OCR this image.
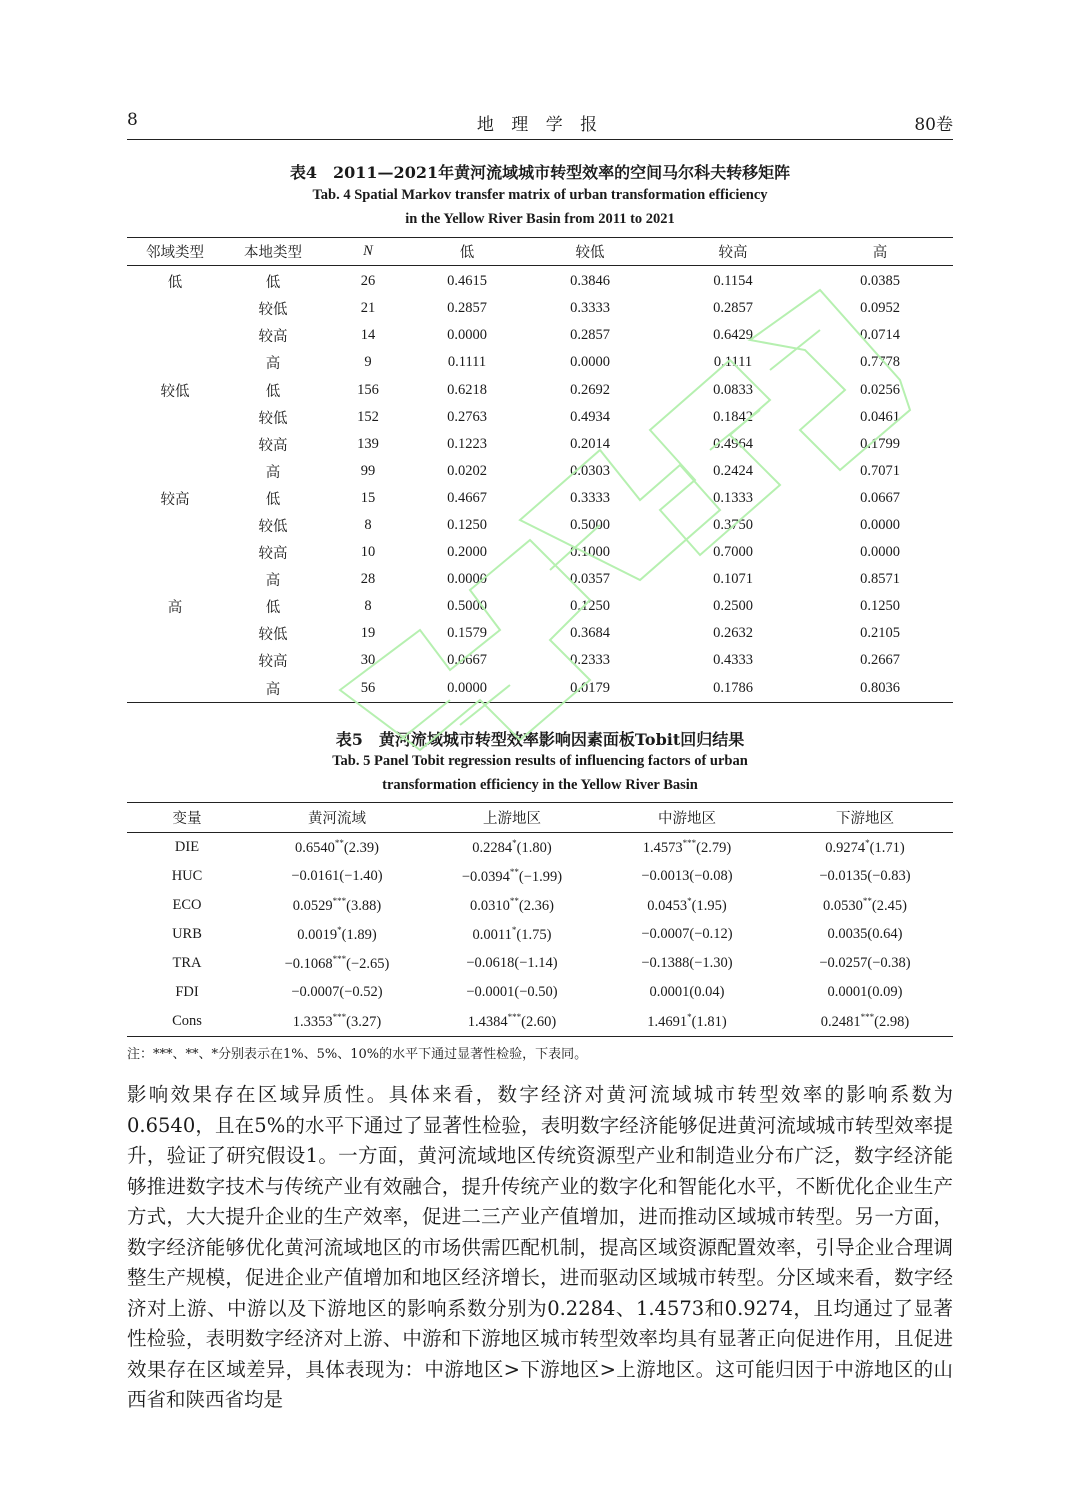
8	地 理 学 报	80卷
表4　2011—2021年黄河流域城市转型效率的空间马尔科夫转移矩阵
Tab. 4 Spatial Markov transfer matrix of urban transformation efficiency
in the Yellow River Basin from 2011 to 2021
邻域类型	本地类型	N	低	较低	较高	高
低	低	26	0.4615	0.3846	0.1154	0.0385
	较低	21	0.2857	0.3333	0.2857	0.0952
	较高	14	0.0000	0.2857	0.6429	0.0714
	高	9	0.1111	0.0000	0.1111	0.7778
较低	低	156	0.6218	0.2692	0.0833	0.0256
	较低	152	0.2763	0.4934	0.1842	0.0461
	较高	139	0.1223	0.2014	0.4964	0.1799
	高	99	0.0202	0.0303	0.2424	0.7071
较高	低	15	0.4667	0.3333	0.1333	0.0667
	较低	8	0.1250	0.5000	0.3750	0.0000
	较高	10	0.2000	0.1000	0.7000	0.0000
	高	28	0.0000	0.0357	0.1071	0.8571
高	低	8	0.5000	0.1250	0.2500	0.1250
	较低	19	0.1579	0.3684	0.2632	0.2105
	较高	30	0.0667	0.2333	0.4333	0.2667
	高	56	0.0000	0.0179	0.1786	0.8036
表5　黄河流域城市转型效率影响因素面板Tobit回归结果
Tab. 5 Panel Tobit regression results of influencing factors of urban
transformation efficiency in the Yellow River Basin
变量	黄河流域	上游地区	中游地区	下游地区
DIE	0.6540**(2.39)	0.2284*(1.80)	1.4573***(2.79)	0.9274*(1.71)
HUC	−0.0161(−1.40)	−0.0394**(−1.99)	−0.0013(−0.08)	−0.0135(−0.83)
ECO	0.0529***(3.88)	0.0310**(2.36)	0.0453*(1.95)	0.0530**(2.45)
URB	0.0019*(1.89)	0.0011*(1.75)	−0.0007(−0.12)	0.0035(0.64)
TRA	−0.1068***(−2.65)	−0.0618(−1.14)	−0.1388(−1.30)	−0.0257(−0.38)
FDI	−0.0007(−0.52)	−0.0001(−0.50)	0.0001(0.04)	0.0001(0.09)
Cons	1.3353***(3.27)	1.4384***(2.60)	1.4691*(1.81)	0.2481***(2.98)
注：***、**、*分别表示在1%、5%、10%的水平下通过显著性检验，下表同。

影响效果存在区域异质性。具体来看，数字经济对黄河流域城市转型效率的影响系数为0.6540，且在5%的水平下通过了显著性检验，表明数字经济能够促进黄河流域城市转型效率提升，验证了研究假设1。一方面，黄河流域地区传统资源型产业和制造业分布广泛，数字经济能够推进数字技术与传统产业有效融合，提升传统产业的数字化和智能化水平，不断优化企业生产方式，大大提升企业的生产效率，促进二三产业产值增加，进而推动区域城市转型。另一方面，数字经济能够优化黄河流域地区的市场供需匹配机制，提高区域资源配置效率，引导企业合理调整生产规模，促进企业产值增加和地区经济增长，进而驱动区域城市转型。分区域来看，数字经济对上游、中游以及下游地区的影响系数分别为0.2284、1.4573和0.9274，且均通过了显著性检验，表明数字经济对上游、中游和下游地区城市转型效率均具有显著正向促进作用，且促进效果存在区域差异，具体表现为：中游地区>下游地区>上游地区。这可能归因于中游地区的山西省和陕西省均是
